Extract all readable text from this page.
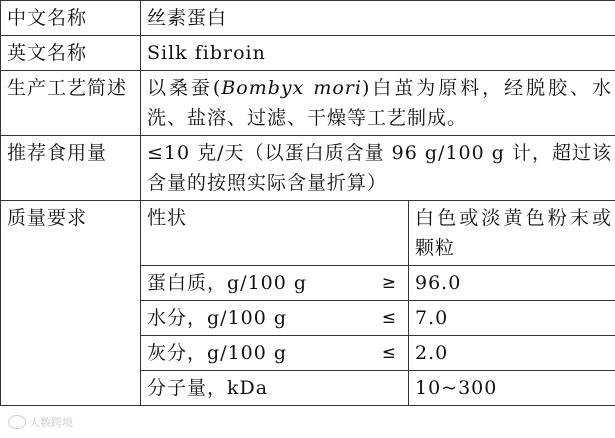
中文名称	丝素蛋白	
英文名称	Silk fibroin	
生产工艺简述	以桑蚕(Bombyx mori)白茧为原料，经脱胶、水洗、盐溶、过滤、干燥等工艺制成。	
推荐食用量	≤10 克/天（以蛋白质含量 96 g/100 g 计，超过该含量的按照实际含量折算）	
质量要求	性状	白色或淡黄色粉末或颗粒

	蛋白质，g/100 g ≥	96.0

	水分，g/100 g ≤	7.0

	灰分，g/100 g ≤	2.0
	分子量，kDa	10~300
大数跨境
